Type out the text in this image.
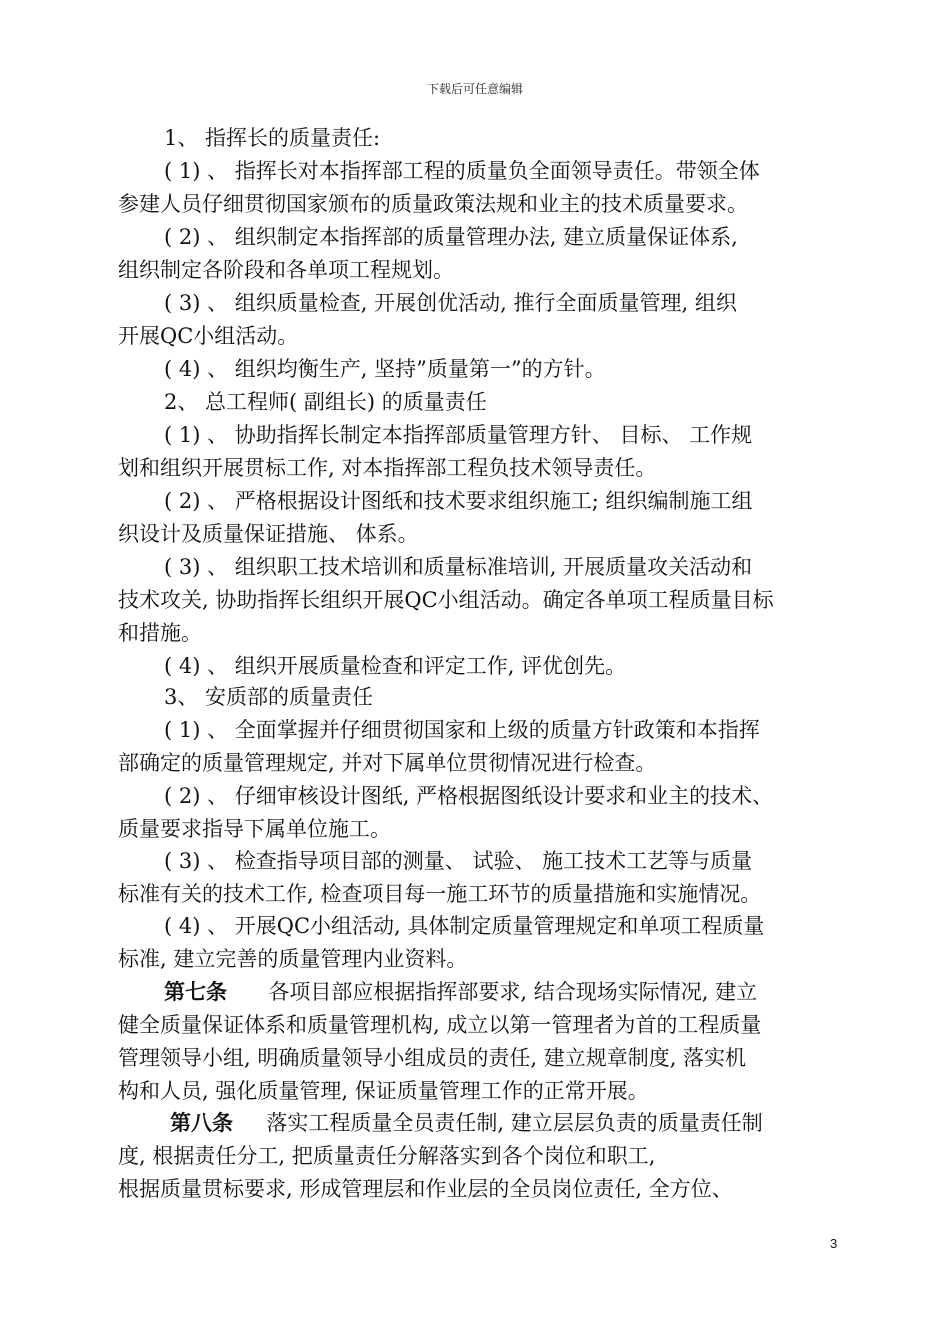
下载后可任意编辑
1、 指挥长的质量责任:
( 1) 、 指挥长对本指挥部工程的质量负全面领导责任。带领全体
参建人员仔细贯彻国家颁布的质量政策法规和业主的技术质量要求。
( 2) 、 组织制定本指挥部的质量管理办法, 建立质量保证体系,
组织制定各阶段和各单项工程规划。
( 3) 、 组织质量检查, 开展创优活动, 推行全面质量管理, 组织
开展QC小组活动。
( 4) 、 组织均衡生产, 坚持”质量第一”的方针。
2、 总工程师( 副组长) 的质量责任
( 1) 、 协助指挥长制定本指挥部质量管理方针、 目标、 工作规
划和组织开展贯标工作, 对本指挥部工程负技术领导责任。
( 2) 、 严格根据设计图纸和技术要求组织施工; 组织编制施工组
织设计及质量保证措施、 体系。
( 3) 、 组织职工技术培训和质量标准培训, 开展质量攻关活动和
技术攻关, 协助指挥长组织开展QC小组活动。确定各单项工程质量目标
和措施。
( 4) 、 组织开展质量检查和评定工作, 评优创先。
3、 安质部的质量责任
( 1) 、 全面掌握并仔细贯彻国家和上级的质量方针政策和本指挥
部确定的质量管理规定, 并对下属单位贯彻情况进行检查。
( 2) 、 仔细审核设计图纸, 严格根据图纸设计要求和业主的技术、
质量要求指导下属单位施工。
( 3) 、 检查指导项目部的测量、 试验、 施工技术工艺等与质量
标准有关的技术工作, 检查项目每一施工环节的质量措施和实施情况。
( 4) 、 开展QC小组活动, 具体制定质量管理规定和单项工程质量
标准, 建立完善的质量管理内业资料。
第七条 各项目部应根据指挥部要求, 结合现场实际情况, 建立
健全质量保证体系和质量管理机构, 成立以第一管理者为首的工程质量
管理领导小组, 明确质量领导小组成员的责任, 建立规章制度, 落实机
构和人员, 强化质量管理, 保证质量管理工作的正常开展。
第八条 落实工程质量全员责任制, 建立层层负责的质量责任制
度, 根据责任分工, 把质量责任分解落实到各个岗位和职工,
根据质量贯标要求, 形成管理层和作业层的全员岗位责任, 全方位、
3
